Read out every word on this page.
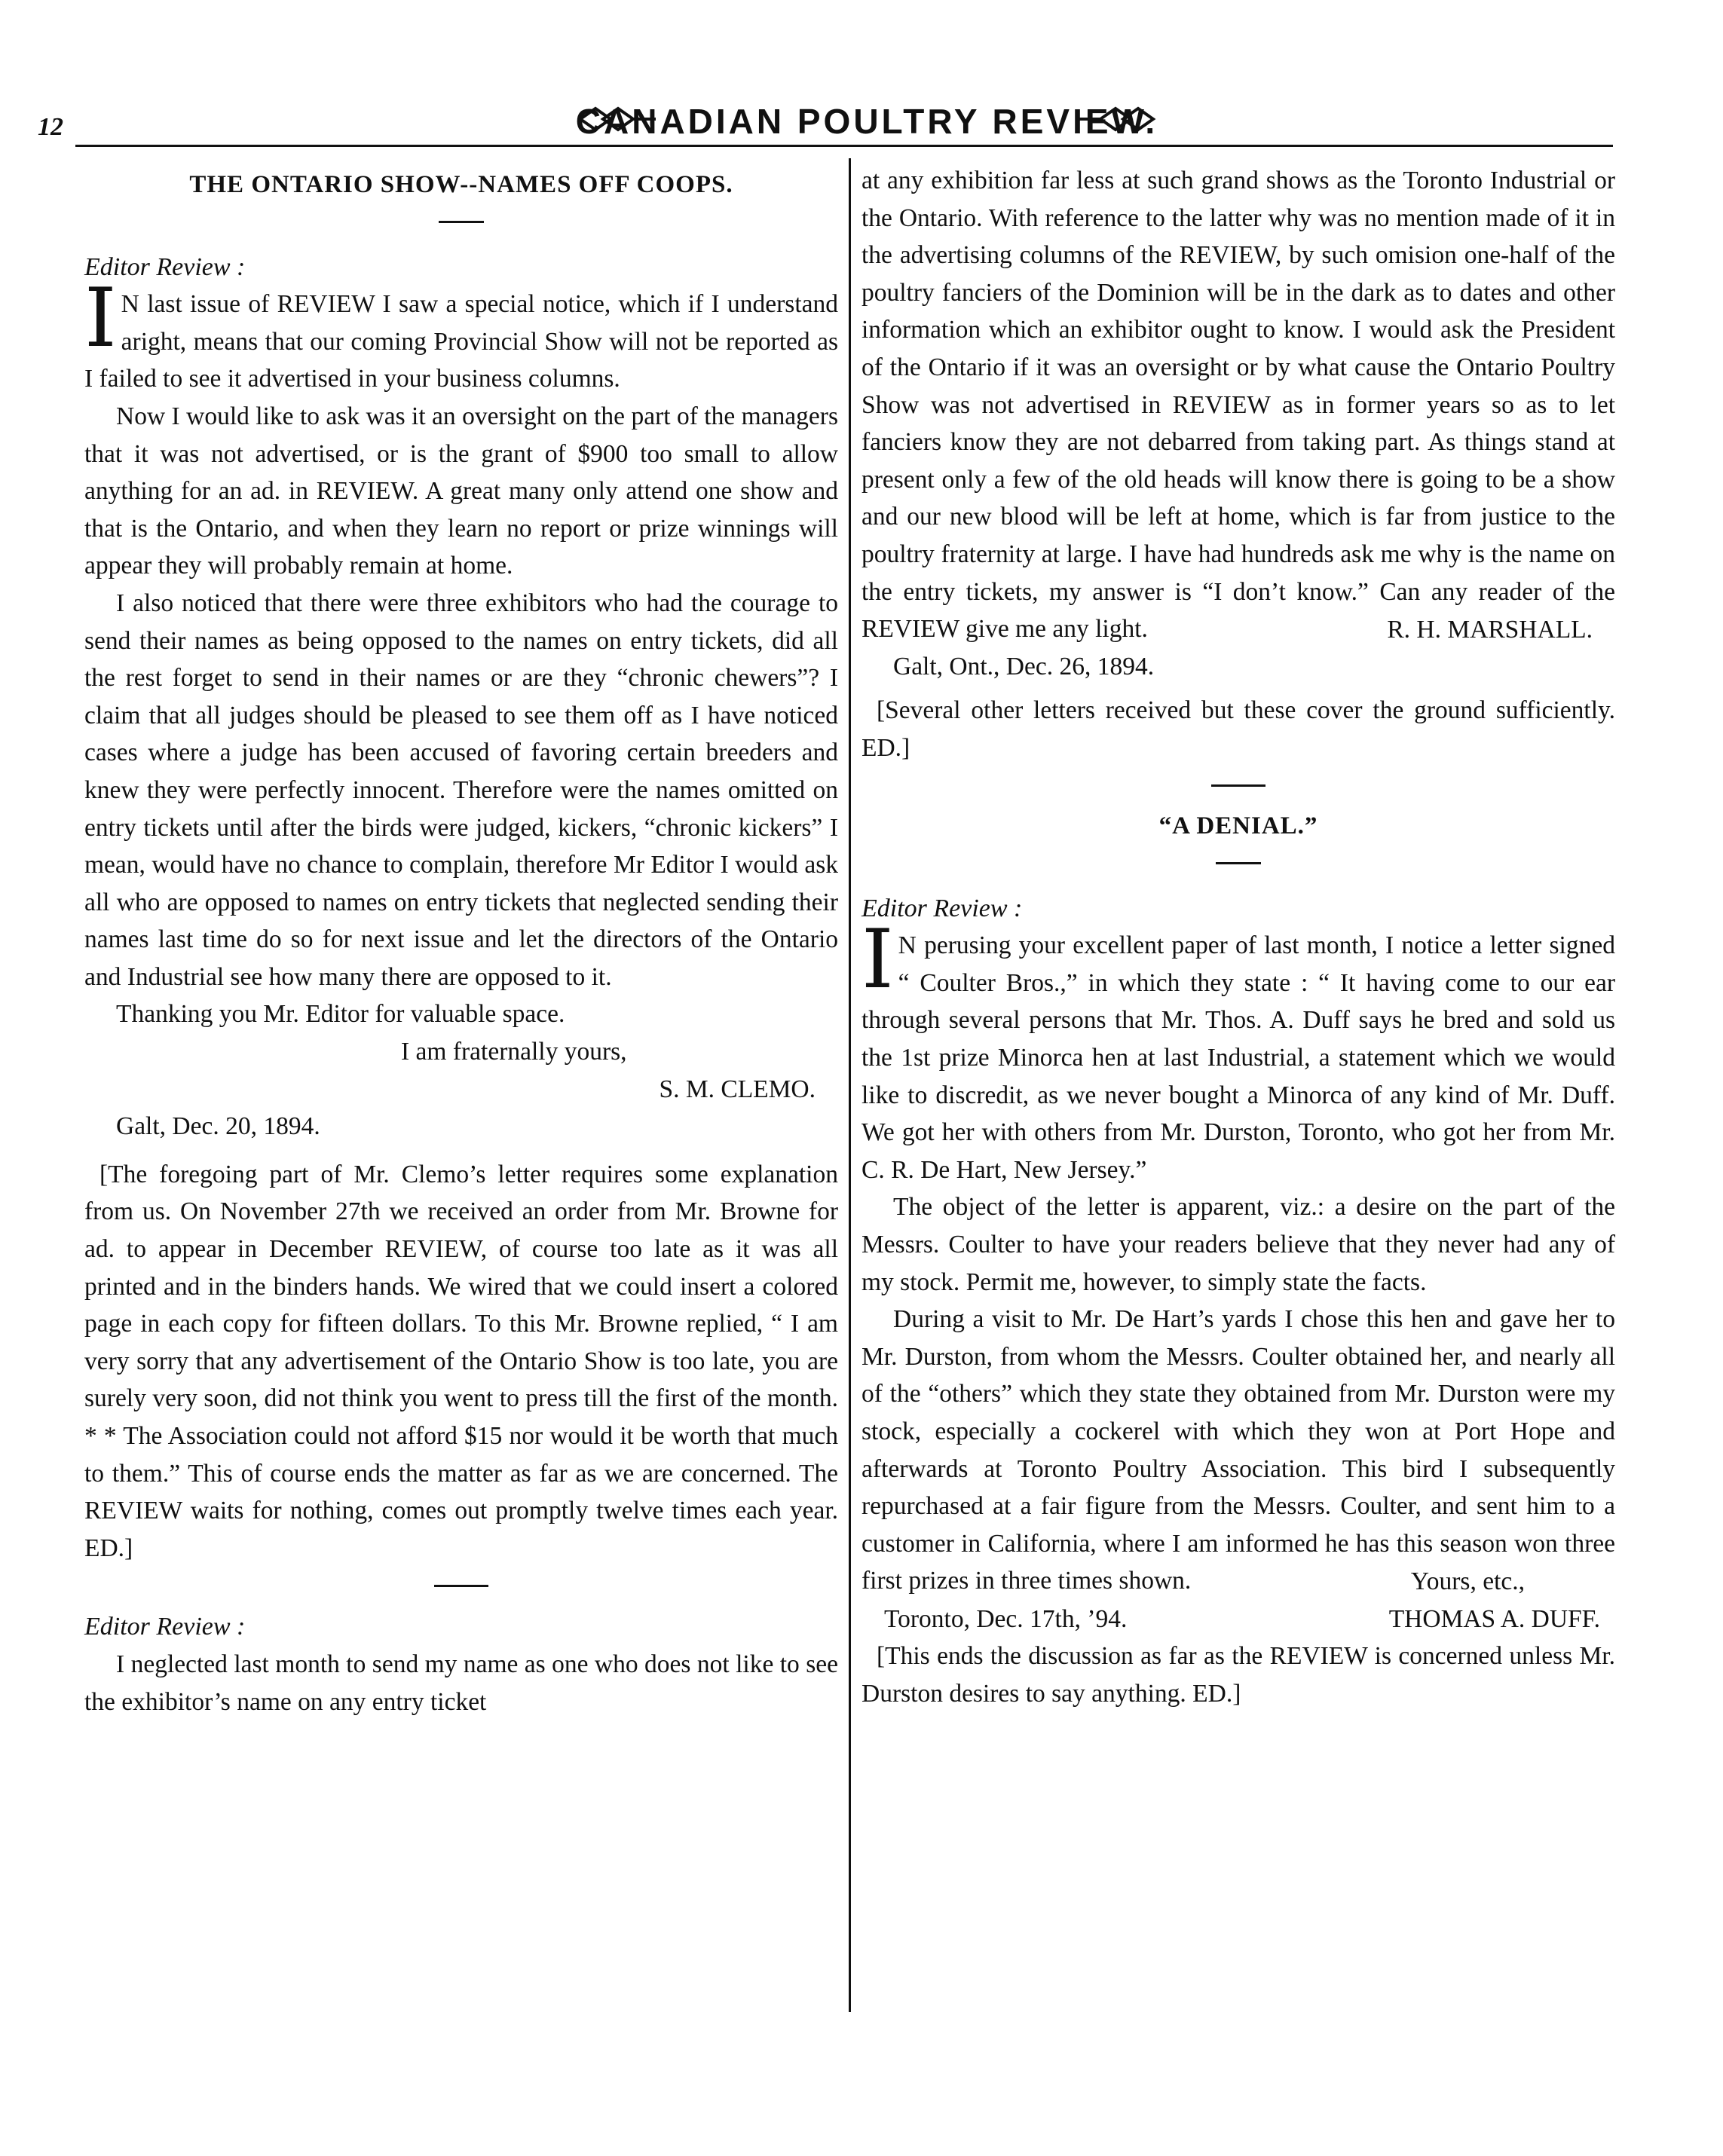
12	CANADIAN POULTRY REVIEW.

THE ONTARIO SHOW--NAMES OFF COOPS.

Editor Review :

I N last issue of REVIEW I saw a special notice, which if I understand aright, means that our coming Provincial Show will not be reported as I failed to see it advertised in your business columns.

Now I would like to ask was it an oversight on the part of the managers that it was not advertised, or is the grant of $900 too small to allow anything for an ad. in REVIEW. A great many only attend one show and that is the Ontario, and when they learn no report or prize winnings will appear they will probably remain at home.

I also noticed that there were three exhibitors who had the courage to send their names as being opposed to the names on entry tickets, did all the rest forget to send in their names or are they “chronic chewers”? I claim that all judges should be pleased to see them off as I have noticed cases where a judge has been accused of favoring certain breeders and knew they were perfectly innocent. Therefore were the names omitted on entry tickets until after the birds were judged, kickers, “chronic kickers” I mean, would have no chance to complain, therefore Mr Editor I would ask all who are opposed to names on entry tickets that neglected sending their names last time do so for next issue and let the directors of the Ontario and Industrial see how many there are opposed to it.

Thanking you Mr. Editor for valuable space.

I am fraternally yours,

S. M. CLEMO.

Galt, Dec. 20, 1894.

[The foregoing part of Mr. Clemo’s letter requires some explanation from us. On November 27th we received an order from Mr. Browne for ad. to appear in December REVIEW, of course too late as it was all printed and in the binders hands. We wired that we could insert a colored page in each copy for fifteen dollars. To this Mr. Browne replied, “ I am very sorry that any advertisement of the Ontario Show is too late, you are surely very soon, did not think you went to press till the first of the month. * * The Association could not afford $15 nor would it be worth that much to them.” This of course ends the matter as far as we are concerned. The REVIEW waits for nothing, comes out promptly twelve times each year. ED.]

Editor Review :

I neglected last month to send my name as one who does not like to see the exhibitor’s name on any entry ticket

at any exhibition far less at such grand shows as the Toronto Industrial or the Ontario. With reference to the latter why was no mention made of it in the advertising columns of the REVIEW, by such omision one-half of the poultry fanciers of the Dominion will be in the dark as to dates and other information which an exhibitor ought to know. I would ask the President of the Ontario if it was an oversight or by what cause the Ontario Poultry Show was not advertised in REVIEW as in former years so as to let fanciers know they are not debarred from taking part. As things stand at present only a few of the old heads will know there is going to be a show and our new blood will be left at home, which is far from justice to the poultry fraternity at large. I have had hundreds ask me why is the name on the entry tickets, my answer is “I don’t know.” Can any reader of the REVIEW give me any light.	R. H. MARSHALL.

Galt, Ont., Dec. 26, 1894.

[Several other letters received but these cover the ground sufficiently. ED.]

“A DENIAL.”

Editor Review :

I N perusing your excellent paper of last month, I notice a letter signed “ Coulter Bros.,” in which they state : “ It having come to our ear through several persons that Mr. Thos. A. Duff says he bred and sold us the 1st prize Minorca hen at last Industrial, a statement which we would like to discredit, as we never bought a Minorca of any kind of Mr. Duff. We got her with others from Mr. Durston, Toronto, who got her from Mr. C. R. De Hart, New Jersey.”

The object of the letter is apparent, viz.: a desire on the part of the Messrs. Coulter to have your readers believe that they never had any of my stock. Permit me, however, to simply state the facts.

During a visit to Mr. De Hart’s yards I chose this hen and gave her to Mr. Durston, from whom the Messrs. Coulter obtained her, and nearly all of the “others” which they state they obtained from Mr. Durston were my stock, especially a cockerel with which they won at Port Hope and afterwards at Toronto Poultry Association. This bird I subsequently repurchased at a fair figure from the Messrs. Coulter, and sent him to a customer in California, where I am informed he has this season won three first prizes in three times shown.	Yours, etc.,

Toronto, Dec. 17th, ’94.	THOMAS A. DUFF.

[This ends the discussion as far as the REVIEW is concerned unless Mr. Durston desires to say anything. ED.]
